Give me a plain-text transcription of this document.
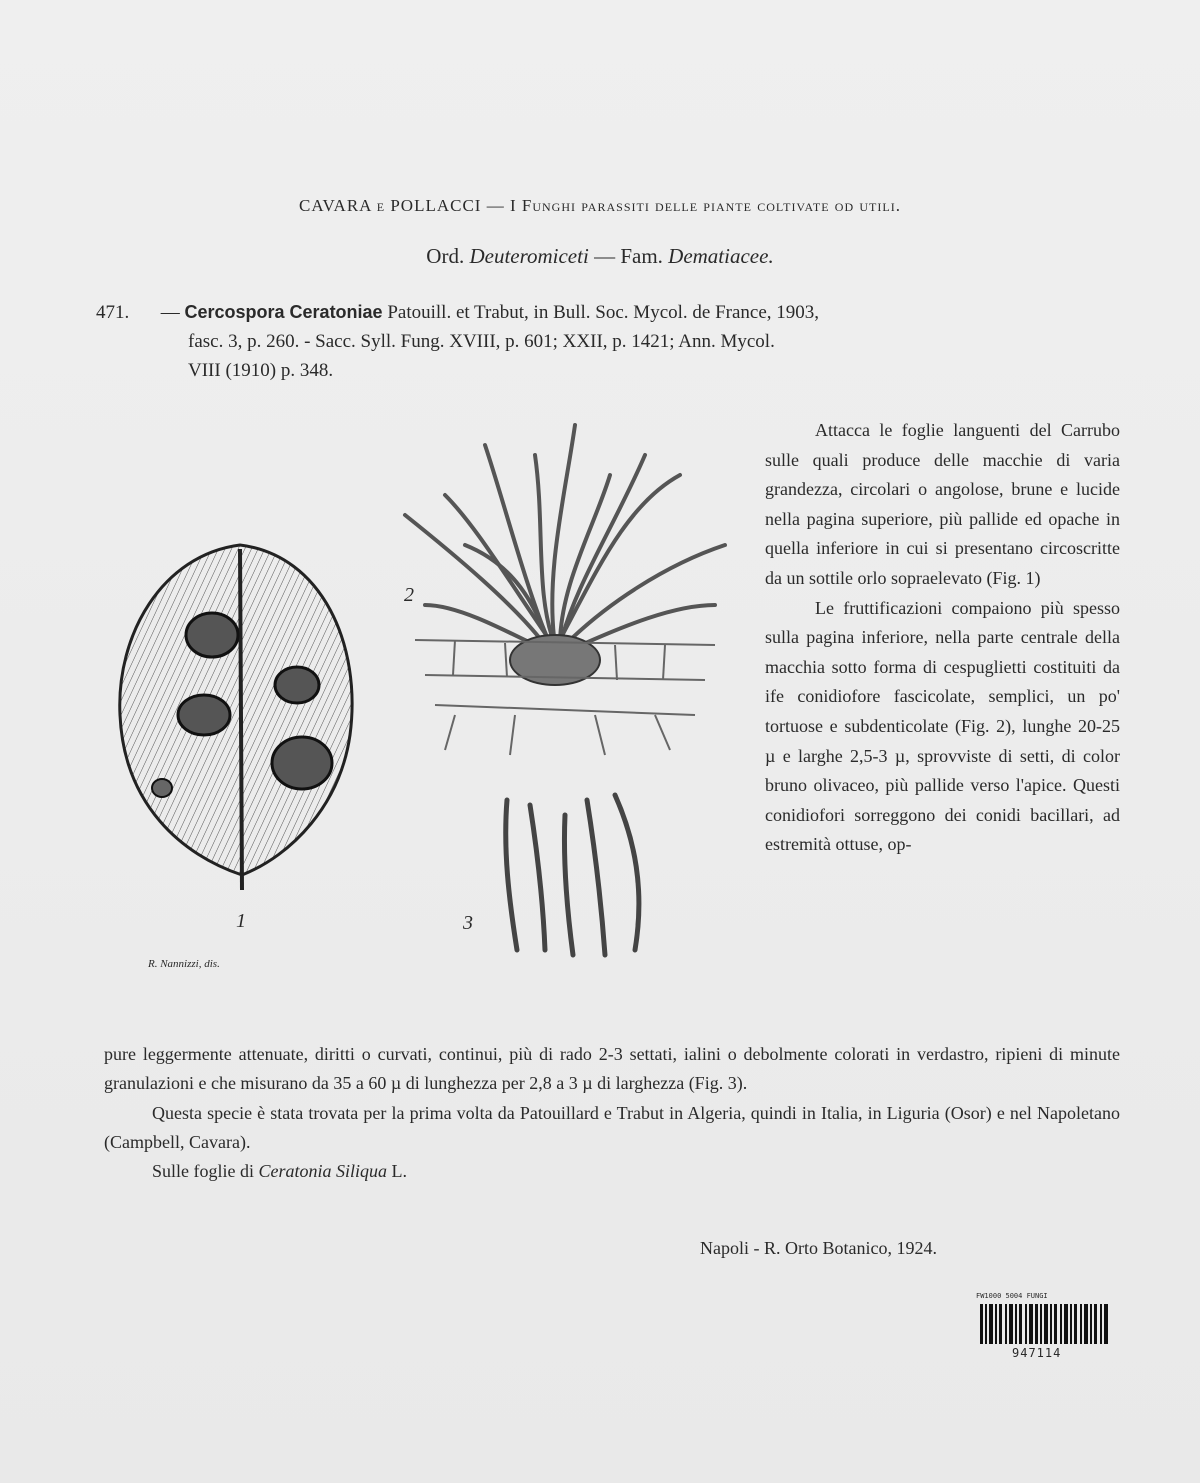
CAVARA e POLLACCI — I Funghi parassiti delle piante coltivate od utili.
Ord. Deuteromiceti — Fam. Dematiacee.
471. — Cercospora Ceratoniae Patouill. et Trabut, in Bull. Soc. Mycol. de France, 1903,
fasc. 3, p. 260. - Sacc. Syll. Fung. XVIII, p. 601; XXII, p. 1421; Ann. Mycol.
VIII (1910) p. 348.
1
R. Nannizzi, dis.
2
3

Attacca le foglie languenti del Carrubo sulle quali produce delle macchie di varia grandezza, circolari o angolose, brune e lucide nella pagina superiore, più pallide ed opache in quella inferiore in cui si presentano circoscritte da un sottile orlo sopraelevato (Fig. 1)

Le fruttificazioni compaiono più spesso sulla pagina inferiore, nella parte centrale della macchia sotto forma di cespuglietti costituiti da ife conidiofore fascicolate, semplici, un po' tortuose e subdenticolate (Fig. 2), lunghe 20-25 µ e larghe 2,5-3 µ, sprovviste di setti, di color bruno olivaceo, più pallide verso l'apice. Questi conidiofori sorreggono dei conidi bacillari, ad estremità ottuse, op-

pure leggermente attenuate, diritti o curvati, continui, più di rado 2-3 settati, ialini o debolmente colorati in verdastro, ripieni di minute granulazioni e che misurano da 35 a 60 µ di lunghezza per 2,8 a 3 µ di larghezza (Fig. 3).

Questa specie è stata trovata per la prima volta da Patouillard e Trabut in Algeria, quindi in Italia, in Liguria (Osor) e nel Napoletano (Campbell, Cavara).

Sulle foglie di Ceratonia Siliqua L.

Napoli - R. Orto Botanico, 1924.
FW1000 5004 FUNGI
947114
